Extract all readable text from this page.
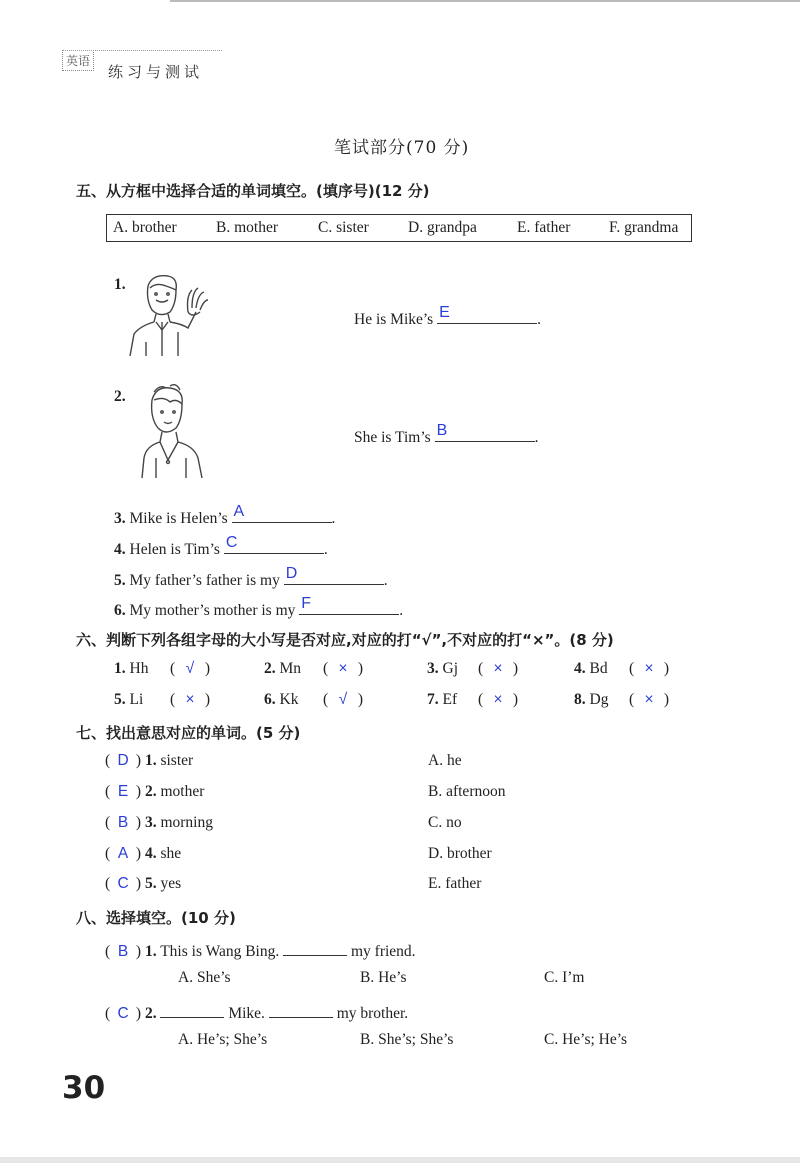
英语
练习与测试
笔试部分(70 分)
五、从方框中选择合适的单词填空。(填序号)(12 分)
A. brother	B. mother	C. sister	D. grandpa	E. father F. grandma
1.
He is Mike’s E	.
2.
She is Tim’s B	.
3. Mike is Helen’s A	.
4. Helen is Tim’s C	.
5. My father’s father is my D	.
6. My mother’s mother is my F	.
六、判断下列各组字母的大小写是否对应,对应的打“√”,不对应的打“×”。(8 分)
1. Hh ( √ )	2. Mn ( × )	3. Gj ( × )	4. Bd ( × )
5. Li ( × )	6. Kk ( √ )	7. Ef ( × )	8. Dg ( × )
七、找出意思对应的单词。(5 分)
( D ) 1. sister	A. he
( E ) 2. mother	B. afternoon
( B ) 3. morning	C. no
( A ) 4. she	D. brother
( C ) 5. yes	E. father
八、选择填空。(10 分)
( B ) 1. This is Wang Bing.	my friend.
A. She’s	B. He’s	C. I’m
( C ) 2.	Mike.	my brother.
A. He’s; She’s	B. She’s; She’s	C. He’s; He’s
30
